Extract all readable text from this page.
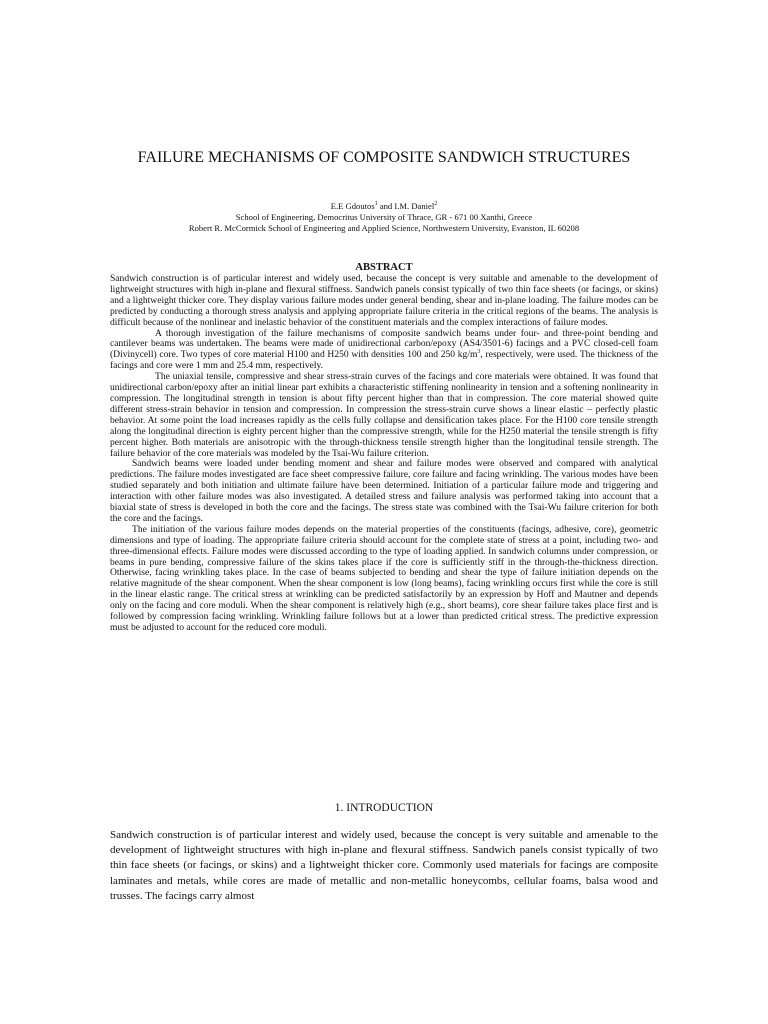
FAILURE MECHANISMS OF COMPOSITE SANDWICH STRUCTURES
E.E Gdoutos$^1$ and I.M. Daniel$^2$
School of Engineering, Democritus University of Thrace, GR - 671 00 Xanthi, Greece
Robert R. McCormick School of Engineering and Applied Science, Northwestern University, Evanston, IL 60208
ABSTRACT

Sandwich construction is of particular interest and widely used, because the concept is very suitable and amenable to the development of lightweight structures with high in-plane and flexural stiffness. Sandwich panels consist typically of two thin face sheets (or facings, or skins) and a lightweight thicker core. They display various failure modes under general bending, shear and in-plane loading. The failure modes can be predicted by conducting a thorough stress analysis and applying appropriate failure criteria in the critical regions of the beams. The analysis is difficult because of the nonlinear and inelastic behavior of the constituent materials and the complex interactions of failure modes.

A thorough investigation of the failure mechanisms of composite sandwich beams under four- and three-point bending and cantilever beams was undertaken. The beams were made of unidirectional carbon/epoxy (AS4/3501-6) facings and a PVC closed-cell foam (Divinycell) core. Two types of core material H100 and H250 with densities 100 and 250 $kg/m^3$, respectively, were used. The thickness of the facings and core were 1 mm and 25.4 mm, respectively.

The uniaxial tensile, compressive and shear stress-strain curves of the facings and core materials were obtained. It was found that unidirectional carbon/epoxy after an initial linear part exhibits a characteristic stiffening nonlinearity in tension and a softening nonlinearity in compression. The longitudinal strength in tension is about fifty percent higher than that in compression. The core material showed quite different stress-strain behavior in tension and compression. In compression the stress-strain curve shows a linear elastic – perfectly plastic behavior. At some point the load increases rapidly as the cells fully collapse and densification takes place. For the H100 core tensile strength along the longitudinal direction is eighty percent higher than the compressive strength, while for the H250 material the tensile strength is fifty percent higher. Both materials are anisotropic with the through-thickness tensile strength higher than the longitudinal tensile strength. The failure behavior of the core materials was modeled by the Tsai-Wu failure criterion.

Sandwich beams were loaded under bending moment and shear and failure modes were observed and compared with analytical predictions. The failure modes investigated are face sheet compressive failure, core failure and facing wrinkling. The various modes have been studied separately and both initiation and ultimate failure have been determined. Initiation of a particular failure mode and triggering and interaction with other failure modes was also investigated. A detailed stress and failure analysis was performed taking into account that a biaxial state of stress is developed in both the core and the facings. The stress state was combined with the Tsai-Wu failure criterion for both the core and the facings.

The initiation of the various failure modes depends on the material properties of the constituents (facings, adhesive, core), geometric dimensions and type of loading. The appropriate failure criteria should account for the complete state of stress at a point, including two- and three-dimensional effects. Failure modes were discussed according to the type of loading applied. In sandwich columns under compression, or beams in pure bending, compressive failure of the skins takes place if the core is sufficiently stiff in the through-the-thickness direction. Otherwise, facing wrinkling takes place. In the case of beams subjected to bending and shear the type of failure initiation depends on the relative magnitude of the shear component. When the shear component is low (long beams), facing wrinkling occurs first while the core is still in the linear elastic range. The critical stress at wrinkling can be predicted satisfactorily by an expression by Hoff and Mautner and depends only on the facing and core moduli. When the shear component is relatively high (e.g., short beams), core shear failure takes place first and is followed by compression facing wrinkling. Wrinkling failure follows but at a lower than predicted critical stress. The predictive expression must be adjusted to account for the reduced core moduli.

1. INTRODUCTION

Sandwich construction is of particular interest and widely used, because the concept is very suitable and amenable to the development of lightweight structures with high in-plane and flexural stiffness. Sandwich panels consist typically of two thin face sheets (or facings, or skins) and a lightweight thicker core. Commonly used materials for facings are composite laminates and metals, while cores are made of metallic and non-metallic honeycombs, cellular foams, balsa wood and trusses. The facings carry almost
